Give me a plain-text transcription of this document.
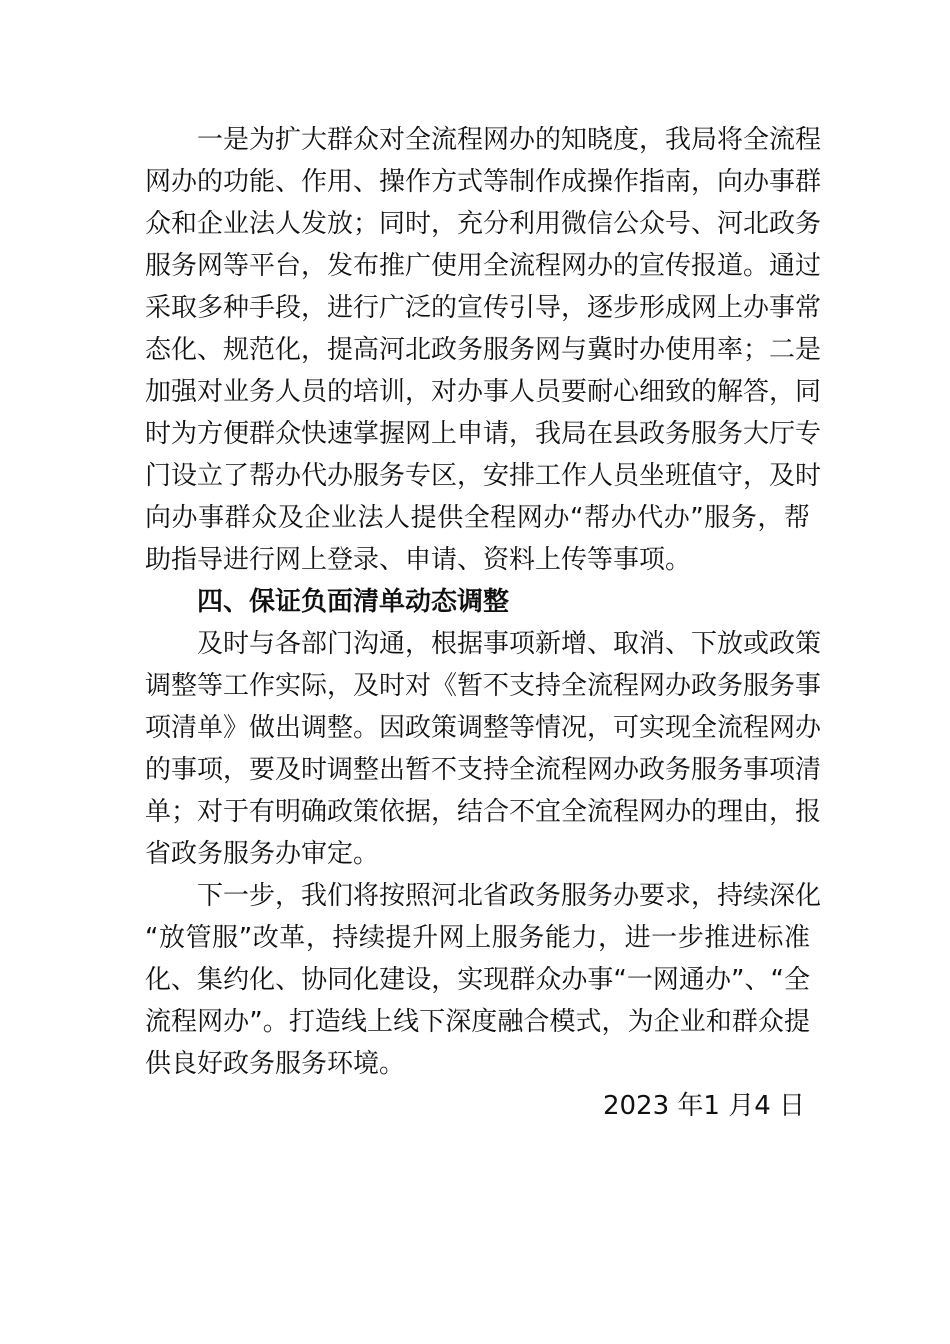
　　一是为扩大群众对全流程网办的知晓度，我局将全流程
网办的功能、作用、操作方式等制作成操作指南，向办事群
众和企业法人发放；同时，充分利用微信公众号、河北政务
服务网等平台，发布推广使用全流程网办的宣传报道。通过
采取多种手段，进行广泛的宣传引导，逐步形成网上办事常
态化、规范化，提高河北政务服务网与冀时办使用率；二是
加强对业务人员的培训，对办事人员要耐心细致的解答，同
时为方便群众快速掌握网上申请，我局在县政务服务大厅专
门设立了帮办代办服务专区，安排工作人员坐班值守，及时
向办事群众及企业法人提供全程网办“帮办代办”服务，帮
助指导进行网上登录、申请、资料上传等事项。
四、保证负面清单动态调整
　　及时与各部门沟通，根据事项新增、取消、下放或政策
调整等工作实际，及时对《暂不支持全流程网办政务服务事
项清单》做出调整。因政策调整等情况，可实现全流程网办
的事项，要及时调整出暂不支持全流程网办政务服务事项清
单；对于有明确政策依据，结合不宜全流程网办的理由，报
省政务服务办审定。
　　下一步，我们将按照河北省政务服务办要求，持续深化
“放管服”改革，持续提升网上服务能力，进一步推进标准
化、集约化、协同化建设，实现群众办事“一网通办”、“全
流程网办”。打造线上线下深度融合模式，为企业和群众提
供良好政务服务环境。
2023 年1 月4 日
